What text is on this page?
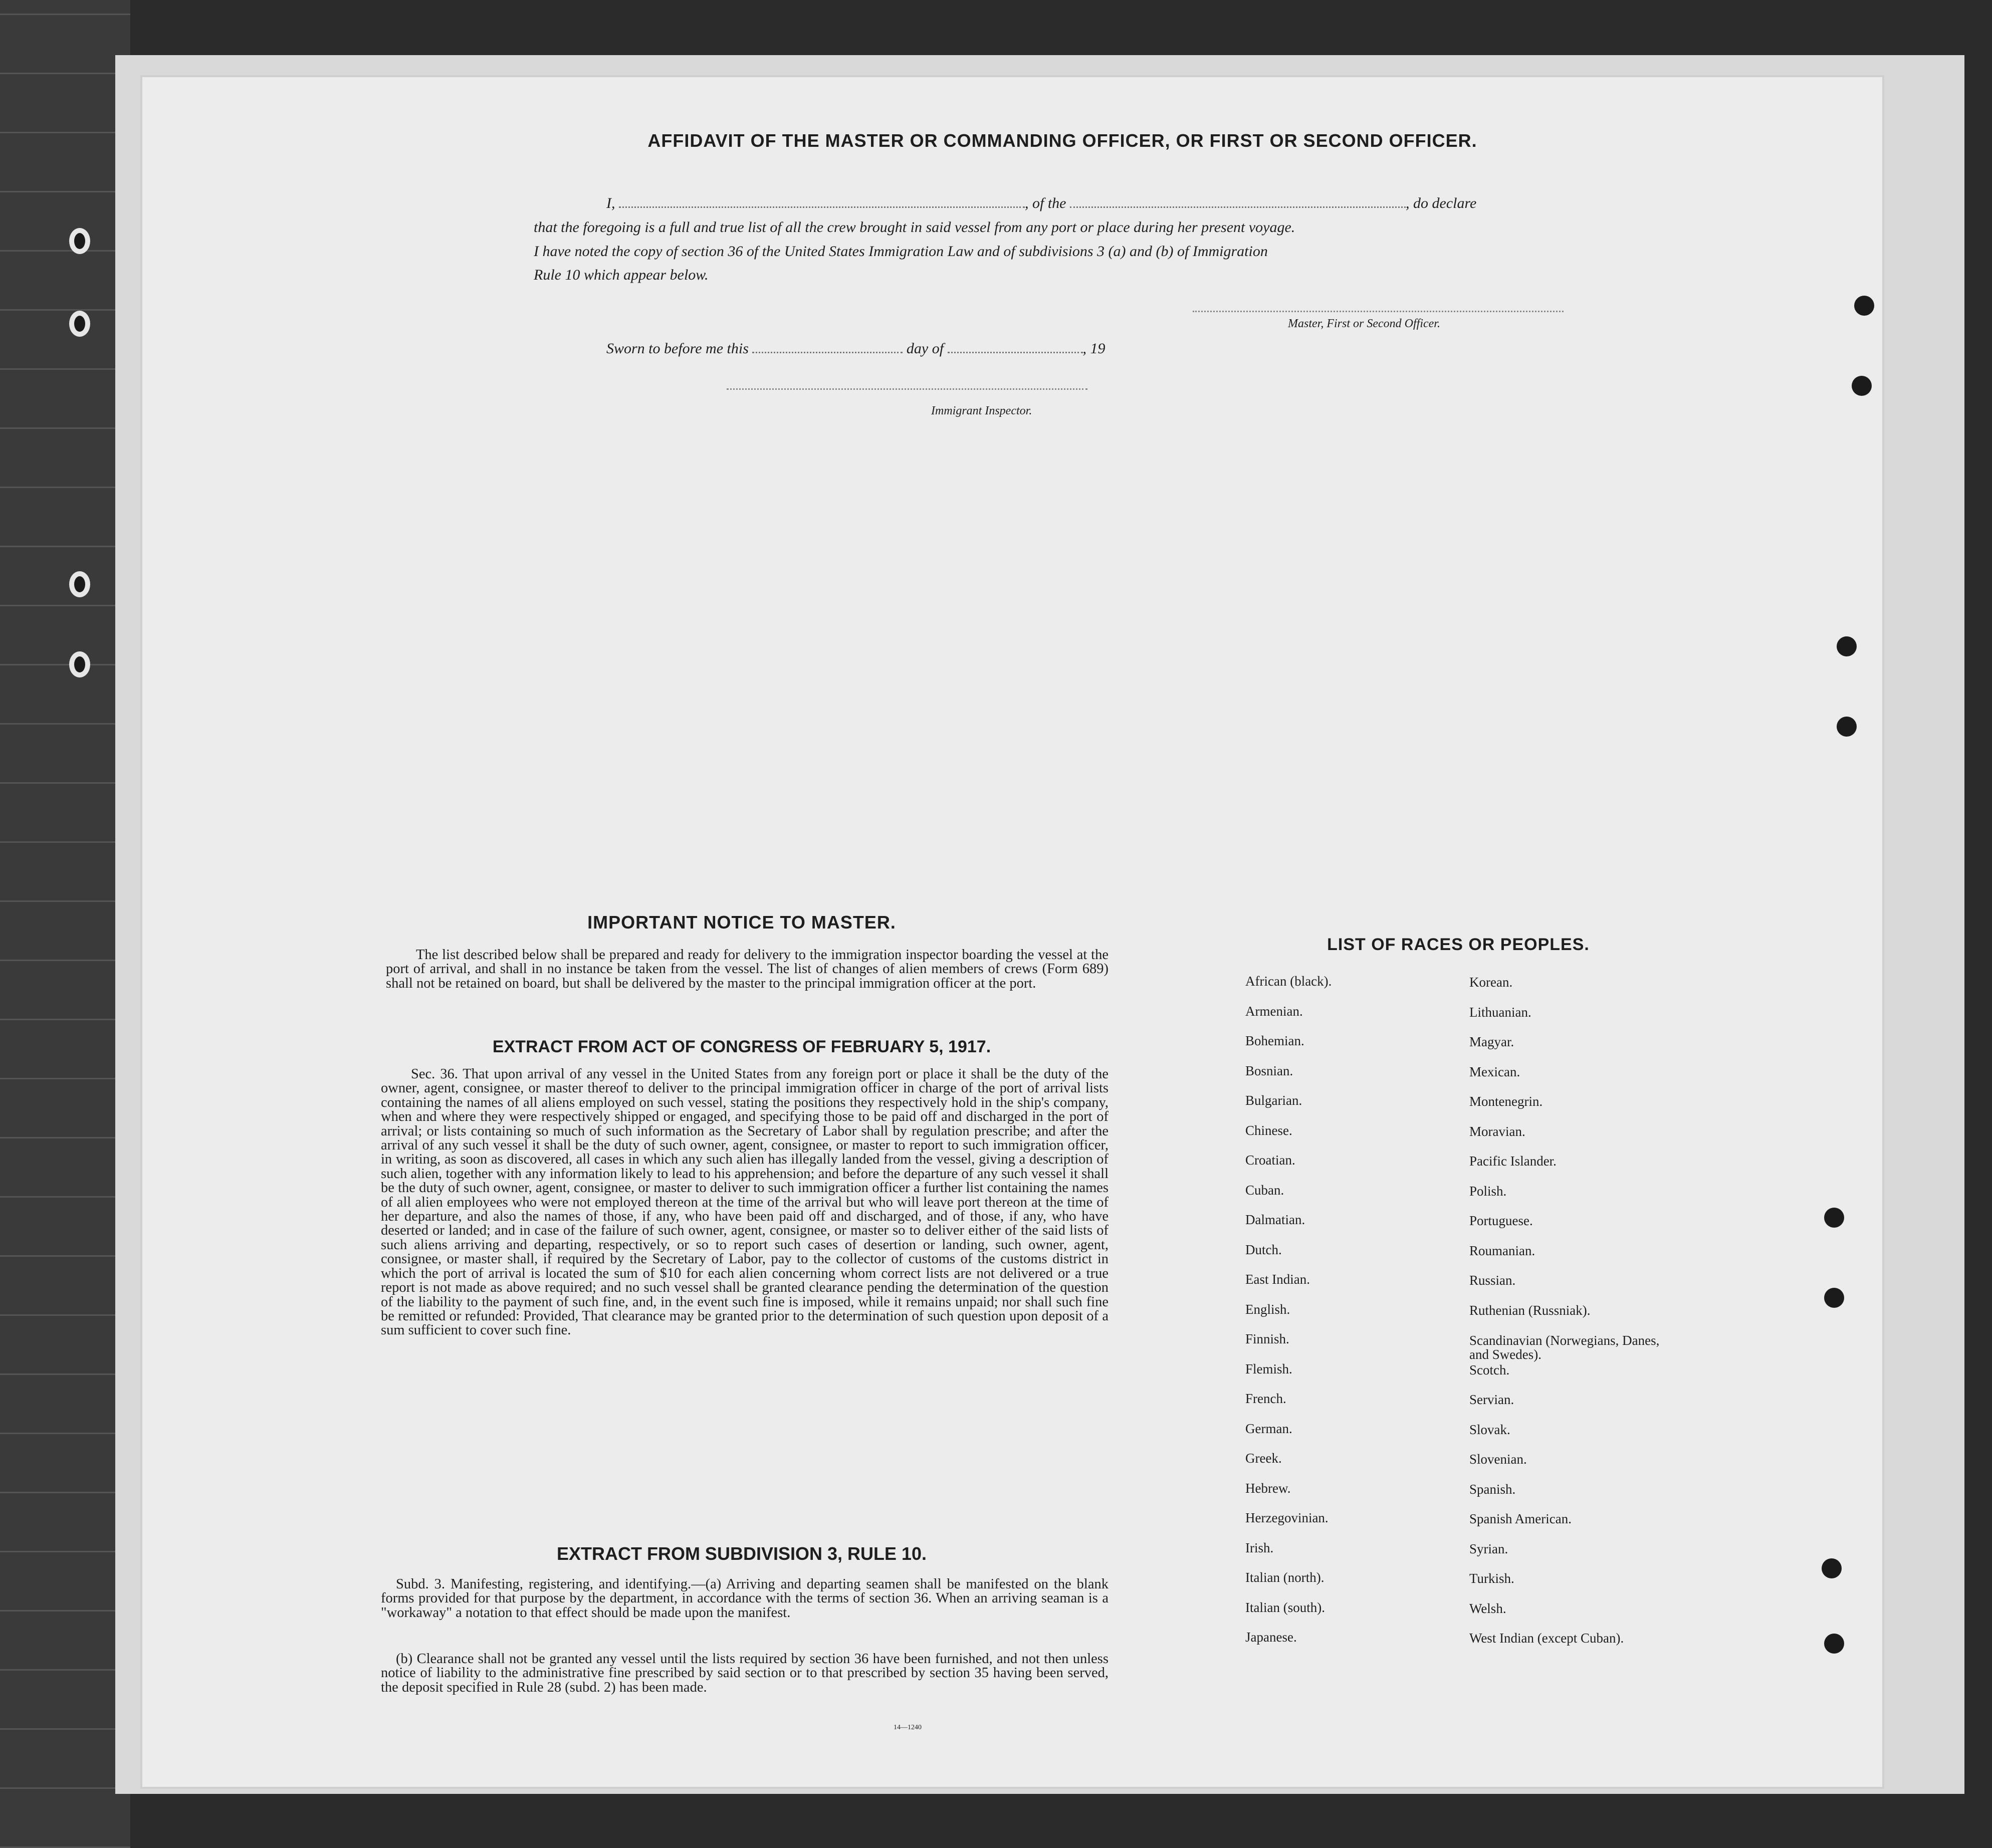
AFFIDAVIT OF THE MASTER OR COMMANDING OFFICER, OR FIRST OR SECOND OFFICER.
I,	, of the	, do declare
that the foregoing is a full and true list of all the crew brought in said vessel from any port or place during her present voyage.
I have noted the copy of section 36 of the United States Immigration Law and of subdivisions 3 (a) and (b) of Immigration
Rule 10 which appear below.
Master, First or Second Officer.
Sworn to before me this	day of	, 19
Immigrant Inspector.
IMPORTANT NOTICE TO MASTER.
The list described below shall be prepared and ready for delivery to the immigration inspector boarding the vessel at the port of arrival, and shall in no instance be taken from the vessel. The list of changes of alien members of crews (Form 689) shall not be retained on board, but shall be delivered by the master to the principal immigration officer at the port.
EXTRACT FROM ACT OF CONGRESS OF FEBRUARY 5, 1917.
Sec. 36. That upon arrival of any vessel in the United States from any foreign port or place it shall be the duty of the owner, agent, consignee, or master thereof to deliver to the principal immigration officer in charge of the port of arrival lists containing the names of all aliens employed on such vessel, stating the positions they respectively hold in the ship's company, when and where they were respectively shipped or engaged, and specifying those to be paid off and discharged in the port of arrival; or lists containing so much of such information as the Secretary of Labor shall by regulation prescribe; and after the arrival of any such vessel it shall be the duty of such owner, agent, consignee, or master to report to such immigration officer, in writing, as soon as discovered, all cases in which any such alien has illegally landed from the vessel, giving a description of such alien, together with any information likely to lead to his apprehension; and before the departure of any such vessel it shall be the duty of such owner, agent, consignee, or master to deliver to such immigration officer a further list containing the names of all alien employees who were not employed thereon at the time of the arrival but who will leave port thereon at the time of her departure, and also the names of those, if any, who have been paid off and discharged, and of those, if any, who have deserted or landed; and in case of the failure of such owner, agent, consignee, or master so to deliver either of the said lists of such aliens arriving and departing, respectively, or so to report such cases of desertion or landing, such owner, agent, consignee, or master shall, if required by the Secretary of Labor, pay to the collector of customs of the customs district in which the port of arrival is located the sum of $10 for each alien concerning whom correct lists are not delivered or a true report is not made as above required; and no such vessel shall be granted clearance pending the determination of the question of the liability to the payment of such fine, and, in the event such fine is imposed, while it remains unpaid; nor shall such fine be remitted or refunded: Provided, That clearance may be granted prior to the determination of such question upon deposit of a sum sufficient to cover such fine.
EXTRACT FROM SUBDIVISION 3, RULE 10.
Subd. 3. Manifesting, registering, and identifying.—(a) Arriving and departing seamen shall be manifested on the blank forms provided for that purpose by the department, in accordance with the terms of section 36. When an arriving seaman is a "workaway" a notation to that effect should be made upon the manifest.
(b) Clearance shall not be granted any vessel until the lists required by section 36 have been furnished, and not then unless notice of liability to the administrative fine prescribed by said section or to that prescribed by section 35 having been served, the deposit specified in Rule 28 (subd. 2) has been made.
14—1240
LIST OF RACES OR PEOPLES.
African (black).
Armenian.
Bohemian.
Bosnian.
Bulgarian.
Chinese.
Croatian.
Cuban.
Dalmatian.
Dutch.
East Indian.
English.
Finnish.
Flemish.
French.
German.
Greek.
Hebrew.
Herzegovinian.
Irish.
Italian (north).
Italian (south).
Japanese.
Korean.
Lithuanian.
Magyar.
Mexican.
Montenegrin.
Moravian.
Pacific Islander.
Polish.
Portuguese.
Roumanian.
Russian.
Ruthenian (Russniak).
Scandinavian (Norwegians, Danes, and Swedes).
Scotch.
Servian.
Slovak.
Slovenian.
Spanish.
Spanish American.
Syrian.
Turkish.
Welsh.
West Indian (except Cuban).
